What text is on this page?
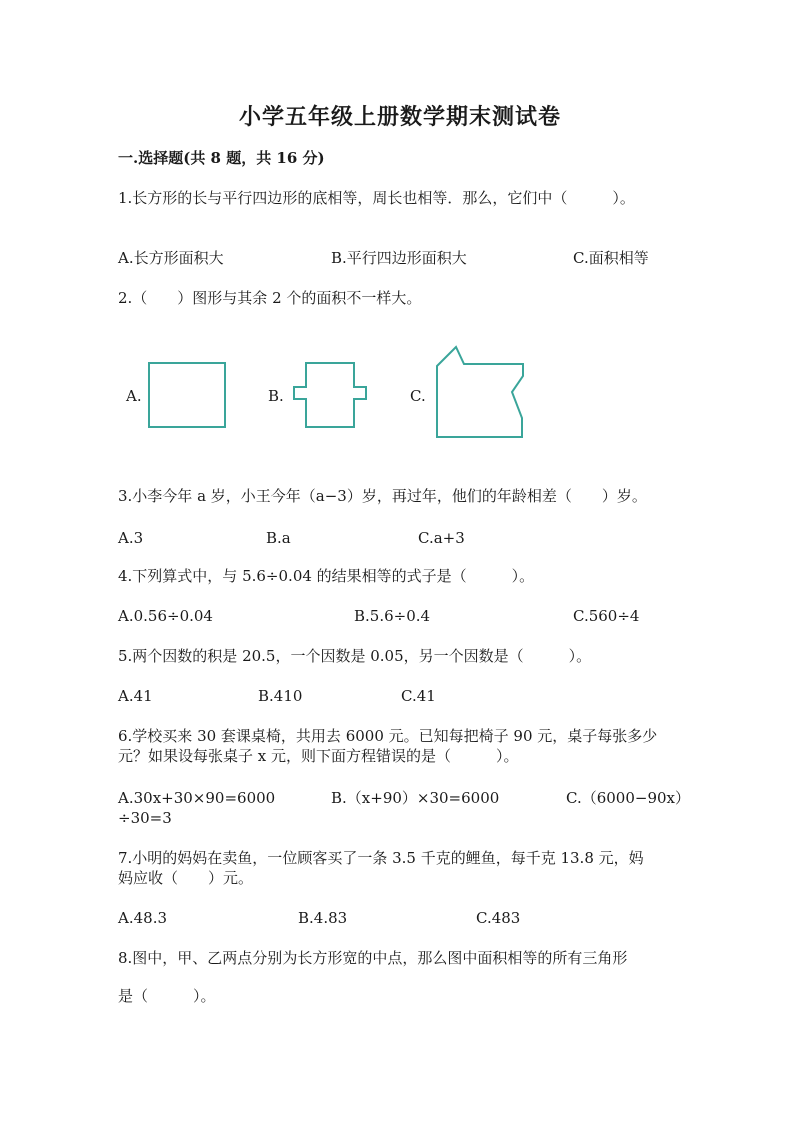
小学五年级上册数学期末测试卷
一.选择题(共 8 题，共 16 分)
1.长方形的长与平行四边形的底相等，周长也相等．那么，它们中（　　　）。
A.长方形面积大	B.平行四边形面积大	C.面积相等
2.（　　）图形与其余 2 个的面积不一样大。
A.	B.	C.
3.小李今年 a 岁，小王今年（a−3）岁，再过年，他们的年龄相差（　　）岁。
A.3	B.a	C.a+3
4.下列算式中，与 5.6÷0.04 的结果相等的式子是（　　　）。
A.0.56÷0.04	B.5.6÷0.4	C.560÷4
5.两个因数的积是 20.5，一个因数是 0.05，另一个因数是（　　　）。
A.41	B.410	C.41
6.学校买来 30 套课桌椅，共用去 6000 元。已知每把椅子 90 元，桌子每张多少
元？如果设每张桌子 x 元，则下面方程错误的是（　　　）。
A.30x+30×90=6000	B.（x+90）×30=6000	C.（6000−90x）
÷30=3
7.小明的妈妈在卖鱼，一位顾客买了一条 3.5 千克的鲤鱼，每千克 13.8 元，妈
妈应收（　　）元。
A.48.3	B.4.83	C.483
8.图中，甲、乙两点分别为长方形宽的中点，那么图中面积相等的所有三角形
是（　　　）。
